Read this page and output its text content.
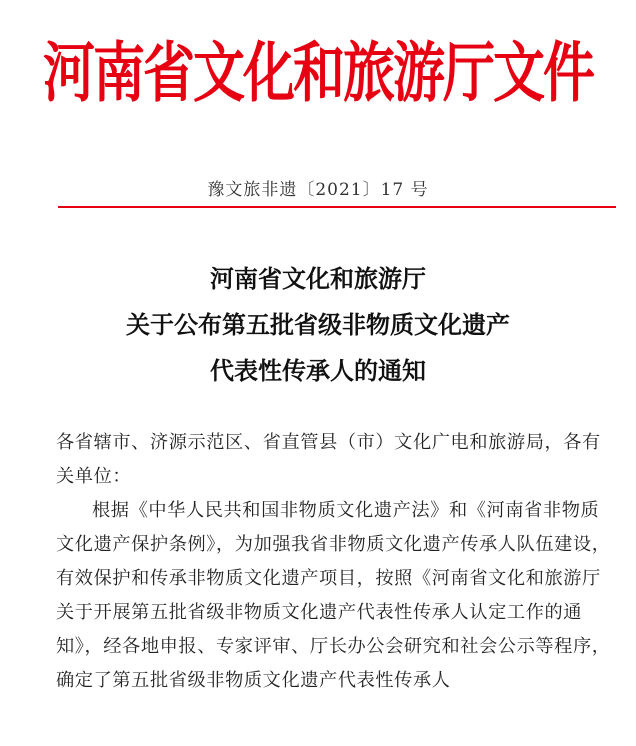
河南省文化和旅游厅文件
豫文旅非遗〔2021〕17 号
河南省文化和旅游厅
关于公布第五批省级非物质文化遗产
代表性传承人的通知
各省辖市、济源示范区、省直管县（市）文化广电和旅游局，各有关单位：
根据《中华人民共和国非物质文化遗产法》和《河南省非物质文化遗产保护条例》，为加强我省非物质文化遗产传承人队伍建设，有效保护和传承非物质文化遗产项目，按照《河南省文化和旅游厅关于开展第五批省级非物质文化遗产代表性传承人认定工作的通知》，经各地申报、专家评审、厅长办公会研究和社会公示等程序，确定了第五批省级非物质文化遗产代表性传承人
